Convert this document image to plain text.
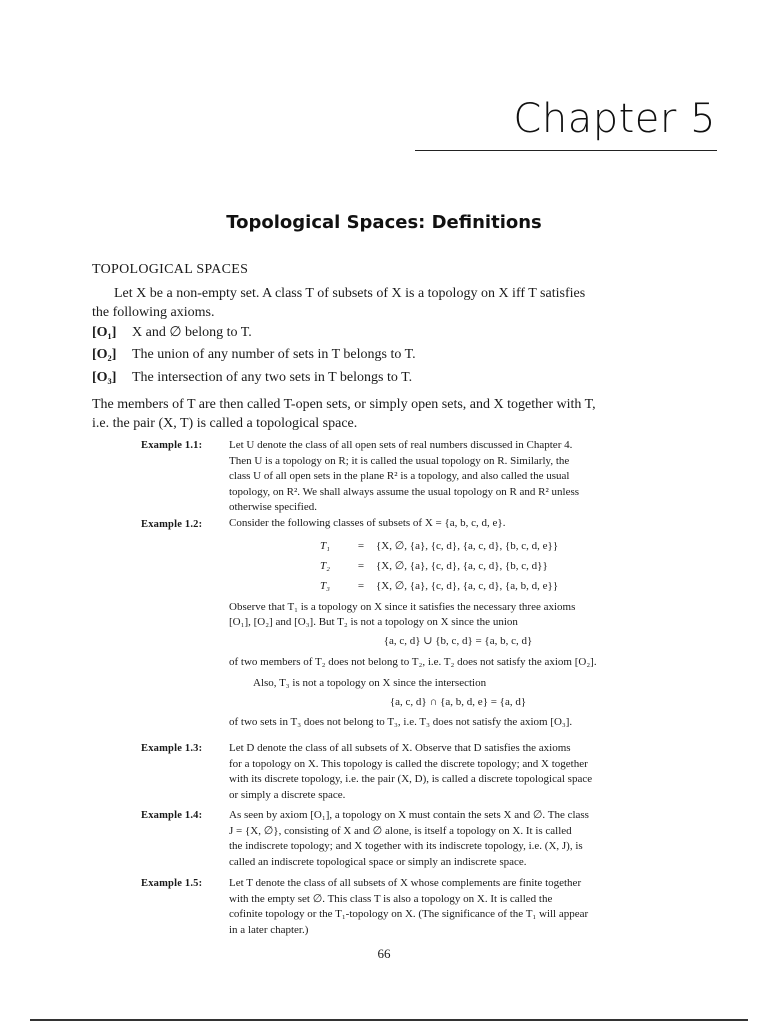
Chapter 5
Topological Spaces: Definitions
TOPOLOGICAL SPACES
Let X be a non-empty set. A class T of subsets of X is a topology on X iff T satisfies
the following axioms.
[O₁] X and ∅ belong to T.
[O₂] The union of any number of sets in T belongs to T.
[O₃] The intersection of any two sets in T belongs to T.
The members of T are then called T-open sets, or simply open sets, and X together with T,
i.e. the pair (X, T) is called a topological space.
Example 1.1: Let U denote the class of all open sets of real numbers discussed in Chapter 4.
Then U is a topology on R; it is called the usual topology on R. Similarly, the
class U of all open sets in the plane R² is a topology, and also called the usual
topology, on R². We shall always assume the usual topology on R and R² unless
otherwise specified.
Example 1.2: Consider the following classes of subsets of X = {a, b, c, d, e}.
T₁	= {X, ∅, {a}, {c, d}, {a, c, d}, {b, c, d, e}}
T₂	= {X, ∅, {a}, {c, d}, {a, c, d}, {b, c, d}}
T₃	= {X, ∅, {a}, {c, d}, {a, c, d}, {a, b, d, e}}
Observe that T₁ is a topology on X since it satisfies the necessary three axioms
[O₁], [O₂] and [O₃]. But T₂ is not a topology on X since the union
{a, c, d} ∪ {b, c, d} = {a, b, c, d}
of two members of T₂ does not belong to T₂, i.e. T₂ does not satisfy the axiom [O₂].
Also, T₃ is not a topology on X since the intersection
{a, c, d} ∩ {a, b, d, e} = {a, d}
of two sets in T₃ does not belong to T₃, i.e. T₃ does not satisfy the axiom [O₃].
Example 1.3: Let D denote the class of all subsets of X. Observe that D satisfies the axioms
for a topology on X. This topology is called the discrete topology; and X together
with its discrete topology, i.e. the pair (X, D), is called a discrete topological space
or simply a discrete space.
Example 1.4: As seen by axiom [O₁], a topology on X must contain the sets X and ∅. The class
J = {X, ∅}, consisting of X and ∅ alone, is itself a topology on X. It is called
the indiscrete topology; and X together with its indiscrete topology, i.e. (X, J), is
called an indiscrete topological space or simply an indiscrete space.
Example 1.5: Let T denote the class of all subsets of X whose complements are finite together
with the empty set ∅. This class T is also a topology on X. It is called the
cofinite topology or the T₁-topology on X. (The significance of the T₁ will appear
in a later chapter.)
66
